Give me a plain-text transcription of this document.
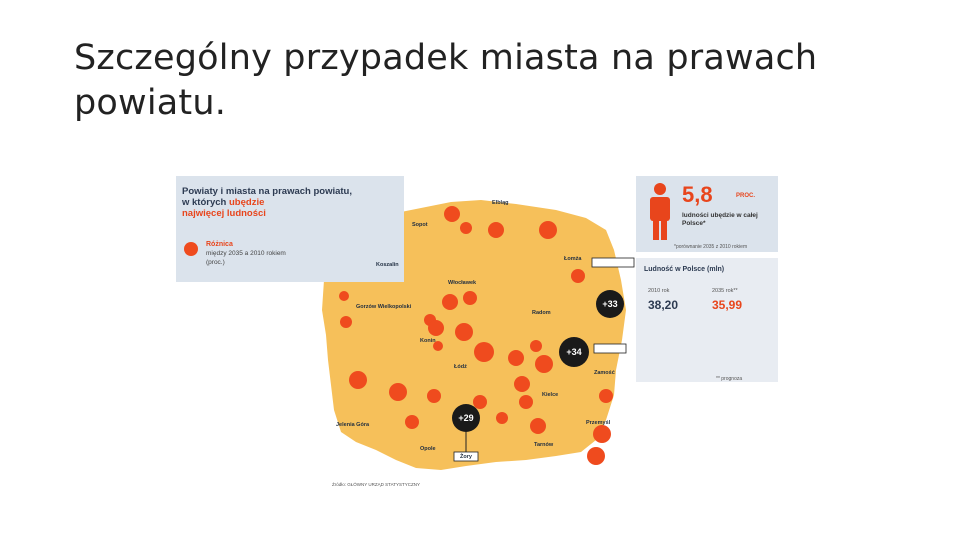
Szczególny przypadek miasta na prawach
powiatu.
Powiaty i miasta na prawach powiatu,
w których ubędzie
najwięcej ludności
Różnica
między 2035 a 2010 rokiem (proc.)
5,8	PROC.
ludności ubędzie w całej Polsce*
*porównanie 2035 z 2010 rokiem
Ludność w Polsce (mln)
2010 rok
38,20
2035 rok**
35,99
** prognoza
Elbląg
Sopot
Łomża
Koszalin
Włocławek
Gorzów Wielkopolski
Konin
Łódź
Radom
Kielce
Zamość
Przemyśl
Tarnów
Opole
Jelenia Góra
Żory
+33
+34
+29
Źródło: GŁÓWNY URZĄD STATYSTYCZNY
